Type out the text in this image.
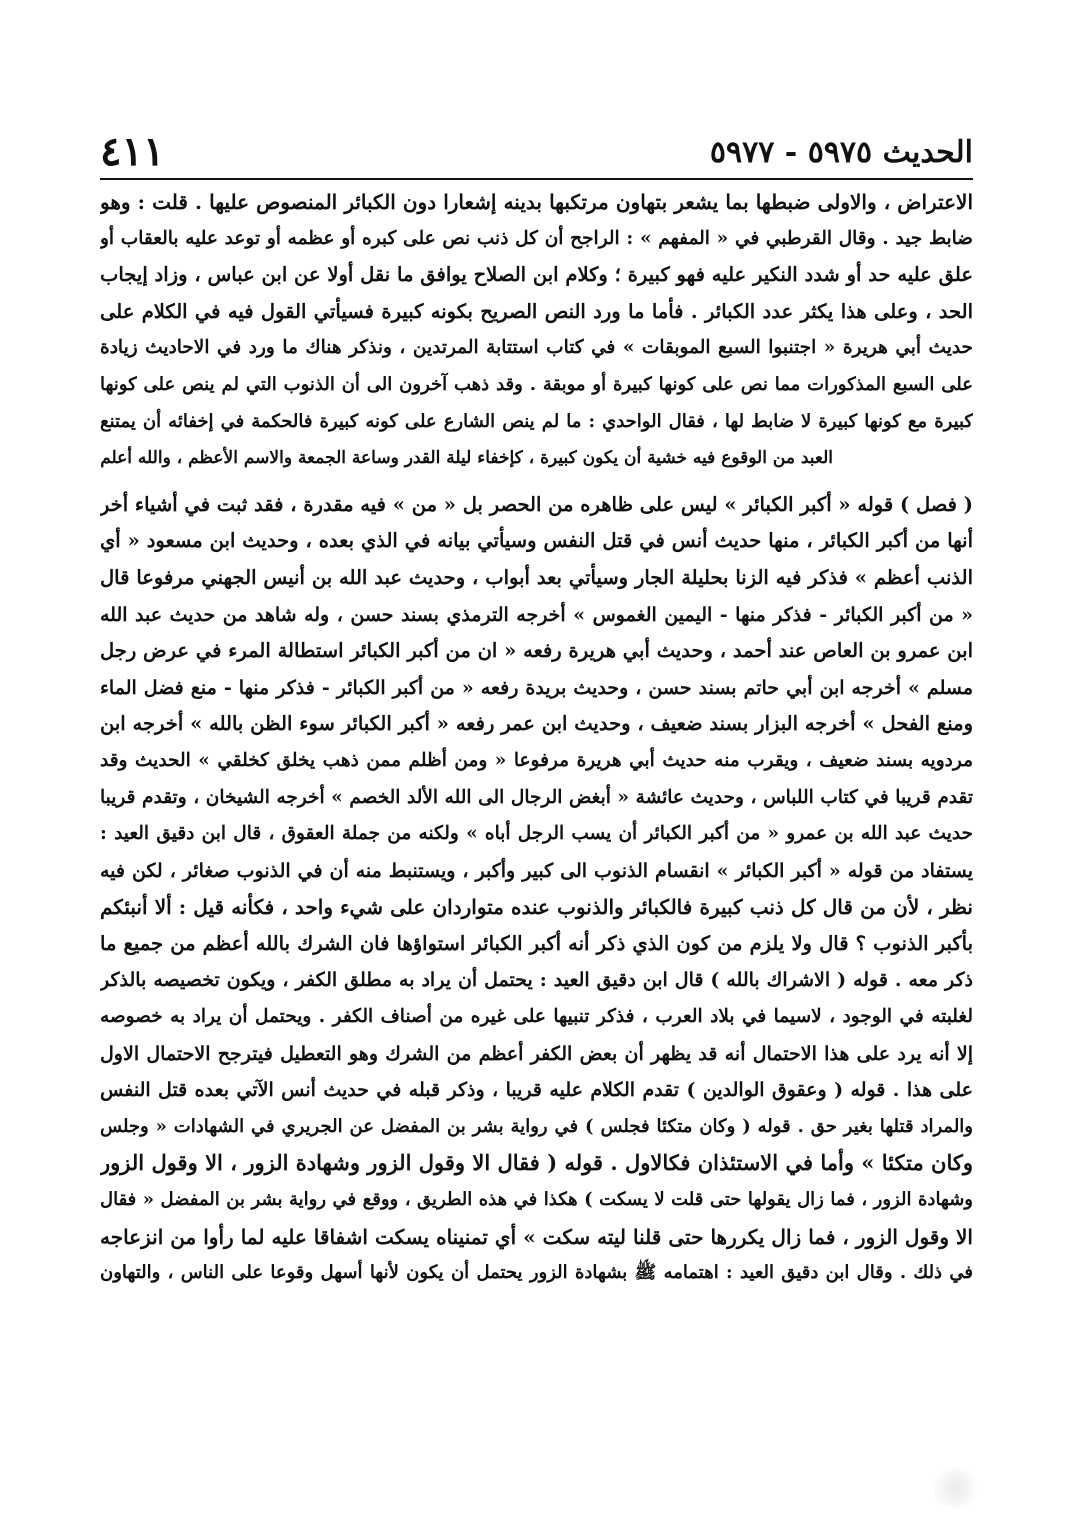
٤١١	الحديث ٥٩٧٥ - ٥٩٧٧
الاعتراض ، والاولى ضبطها بما يشعر بتهاون مرتكبها بدينه إشعارا دون الكبائر المنصوص عليها . قلت : وهو
ضابط جيد . وقال القرطبي في « المفهم » : الراجح أن كل ذنب نص على كبره أو عظمه أو توعد عليه بالعقاب أو
علق عليه حد أو شدد النكير عليه فهو كبيرة ؛ وكلام ابن الصلاح يوافق ما نقل أولا عن ابن عباس ، وزاد إيجاب
الحد ، وعلى هذا يكثر عدد الكبائر . فأما ما ورد النص الصريح بكونه كبيرة فسيأتي القول فيه في الكلام على
حديث أبي هريرة « اجتنبوا السبع الموبقات » في كتاب استتابة المرتدين ، ونذكر هناك ما ورد في الاحاديث زيادة
على السبع المذكورات مما نص على كونها كبيرة أو موبقة . وقد ذهب آخرون الى أن الذنوب التي لم ينص على كونها
كبيرة مع كونها كبيرة لا ضابط لها ، فقال الواحدي : ما لم ينص الشارع على كونه كبيرة فالحكمة في إخفائه أن يمتنع
العبد من الوقوع فيه خشية أن يكون كبيرة ، كإخفاء ليلة القدر وساعة الجمعة والاسم الأعظم ، والله أعلم
( فصل ) قوله « أكبر الكبائر » ليس على ظاهره من الحصر بل « من » فيه مقدرة ، فقد ثبت في أشياء أخر
أنها من أكبر الكبائر ، منها حديث أنس في قتل النفس وسيأتي بيانه في الذي بعده ، وحديث ابن مسعود « أي
الذنب أعظم » فذكر فيه الزنا بحليلة الجار وسيأتي بعد أبواب ، وحديث عبد الله بن أنيس الجهني مرفوعا قال
« من أكبر الكبائر - فذكر منها - اليمين الغموس » أخرجه الترمذي بسند حسن ، وله شاهد من حديث عبد الله
ابن عمرو بن العاص عند أحمد ، وحديث أبي هريرة رفعه « ان من أكبر الكبائر استطالة المرء في عرض رجل
مسلم » أخرجه ابن أبي حاتم بسند حسن ، وحديث بريدة رفعه « من أكبر الكبائر - فذكر منها - منع فضل الماء
ومنع الفحل » أخرجه البزار بسند ضعيف ، وحديث ابن عمر رفعه « أكبر الكبائر سوء الظن بالله » أخرجه ابن
مردويه بسند ضعيف ، ويقرب منه حديث أبي هريرة مرفوعا « ومن أظلم ممن ذهب يخلق كخلقي » الحديث وقد
تقدم قريبا في كتاب اللباس ، وحديث عائشة « أبغض الرجال الى الله الألد الخصم » أخرجه الشيخان ، وتقدم قريبا
حديث عبد الله بن عمرو « من أكبر الكبائر أن يسب الرجل أباه » ولكنه من جملة العقوق ، قال ابن دقيق العيد :
يستفاد من قوله « أكبر الكبائر » انقسام الذنوب الى كبير وأكبر ، ويستنبط منه أن في الذنوب صغائر ، لكن فيه
نظر ، لأن من قال كل ذنب كبيرة فالكبائر والذنوب عنده متواردان على شيء واحد ، فكأنه قيل : ألا أنبئكم
بأكبر الذنوب ؟ قال ولا يلزم من كون الذي ذكر أنه أكبر الكبائر استواؤها فان الشرك بالله أعظم من جميع ما
ذكر معه . قوله ( الاشراك بالله ) قال ابن دقيق العيد : يحتمل أن يراد به مطلق الكفر ، ويكون تخصيصه بالذكر
لغلبته في الوجود ، لاسيما في بلاد العرب ، فذكر تنبيها على غيره من أصناف الكفر . ويحتمل أن يراد به خصوصه
إلا أنه يرد على هذا الاحتمال أنه قد يظهر أن بعض الكفر أعظم من الشرك وهو التعطيل فيترجح الاحتمال الاول
على هذا . قوله ( وعقوق الوالدين ) تقدم الكلام عليه قريبا ، وذكر قبله في حديث أنس الآتي بعده قتل النفس
والمراد قتلها بغير حق . قوله ( وكان متكئا فجلس ) في رواية بشر بن المفضل عن الجريري في الشهادات « وجلس
وكان متكئا » وأما في الاستئذان فكالاول . قوله ( فقال الا وقول الزور وشهادة الزور ، الا وقول الزور
وشهادة الزور ، فما زال يقولها حتى قلت لا يسكت ) هكذا في هذه الطريق ، ووقع في رواية بشر بن المفضل « فقال
الا وقول الزور ، فما زال يكررها حتى قلنا ليته سكت » أي تمنيناه يسكت اشفاقا عليه لما رأوا من انزعاجه
في ذلك . وقال ابن دقيق العيد : اهتمامه ﷺ بشهادة الزور يحتمل أن يكون لأنها أسهل وقوعا على الناس ، والتهاون
